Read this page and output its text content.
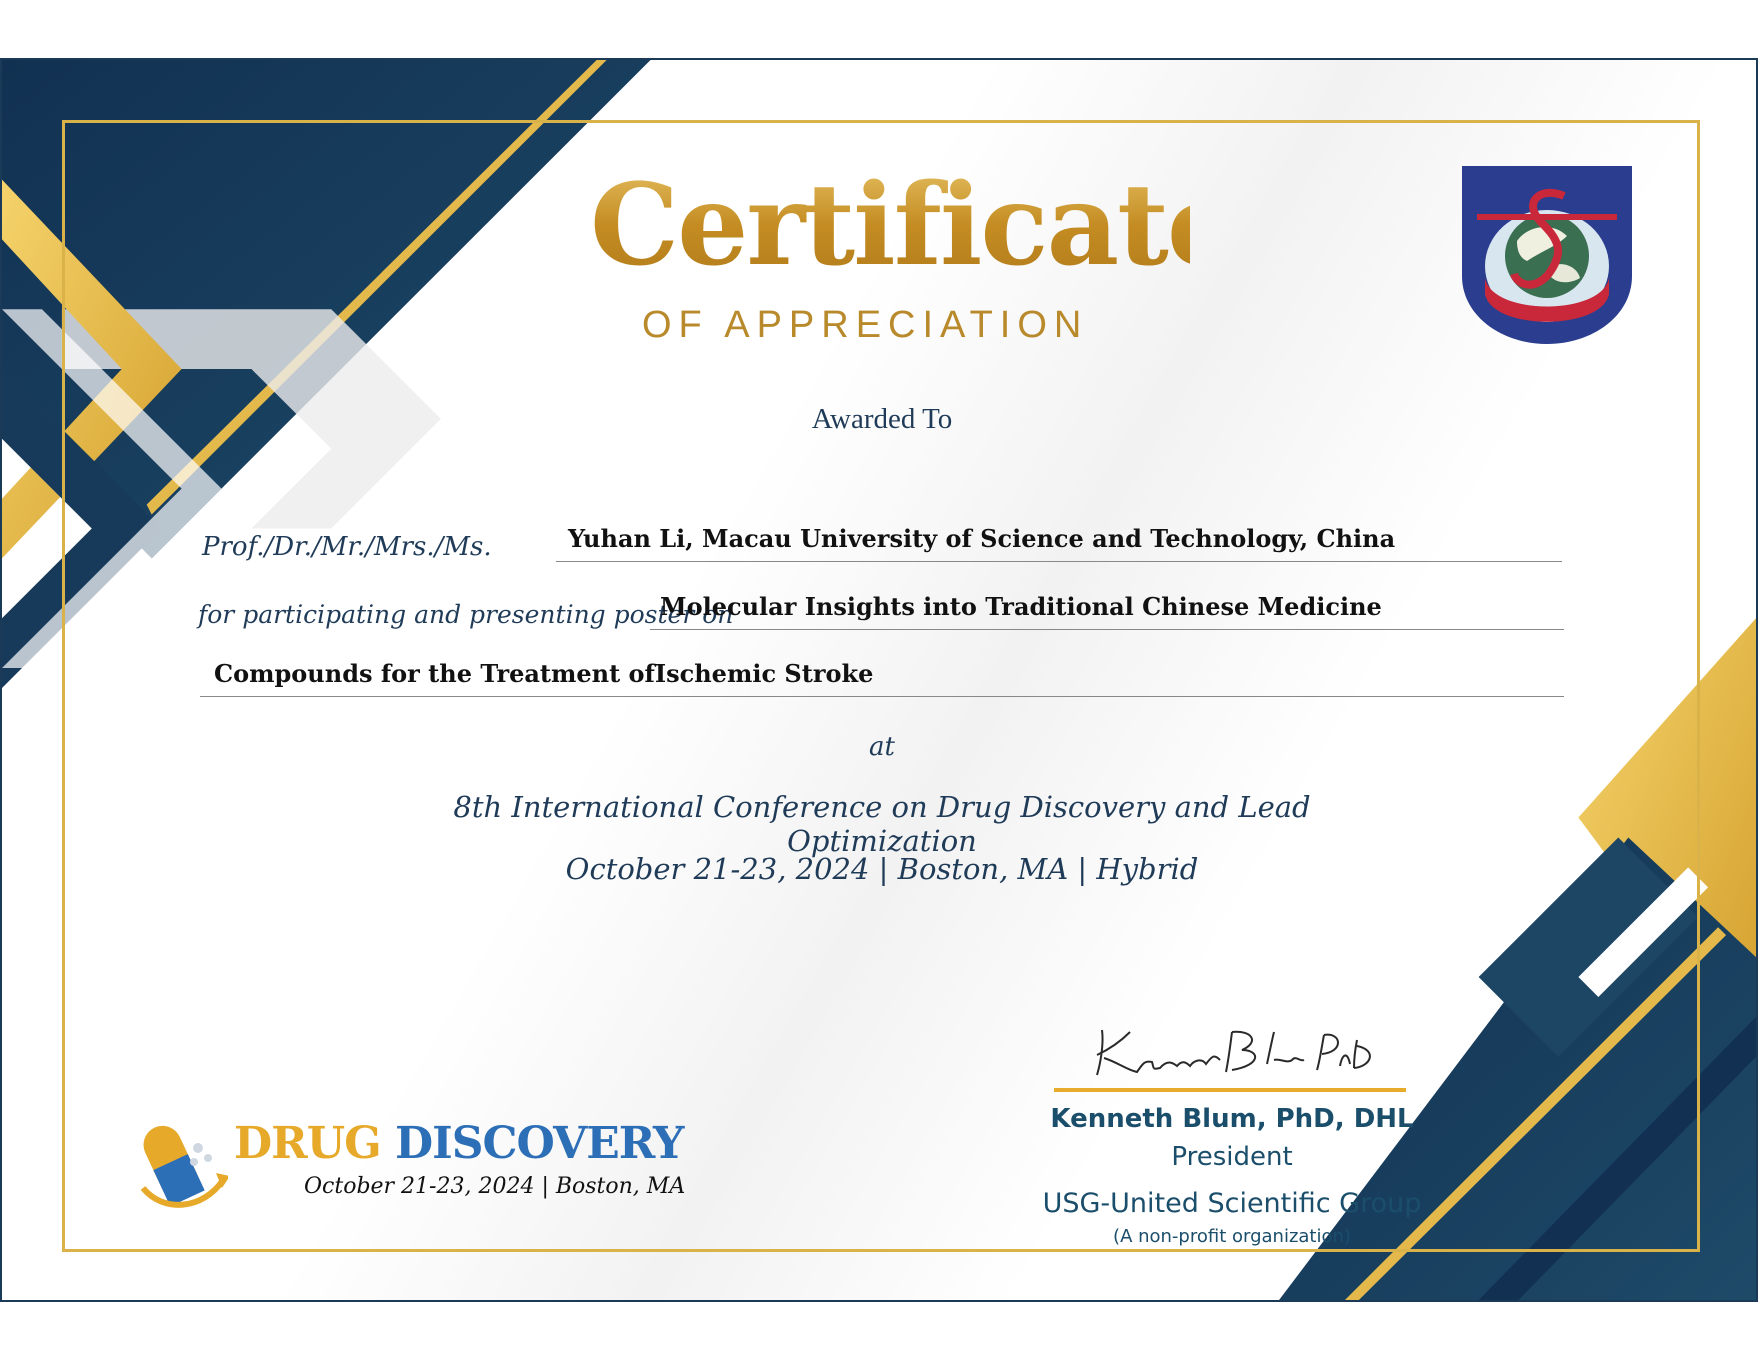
Certificate
OF APPRECIATION
Awarded To
Prof./Dr./Mr./Mrs./Ms.	Yuhan Li, Macau University of Science and Technology, China
for participating and presenting poster on
Molecular Insights into Traditional Chinese Medicine
Compounds for the Treatment ofIschemic Stroke
at
8th International Conference on Drug Discovery and Lead Optimization
October 21-23, 2024 | Boston, MA | Hybrid
DRUG DISCOVERY
October 21-23, 2024 | Boston, MA
Kenneth Blum, PhD, DHL
President
USG-United Scientific Group
(A non-profit organization)
